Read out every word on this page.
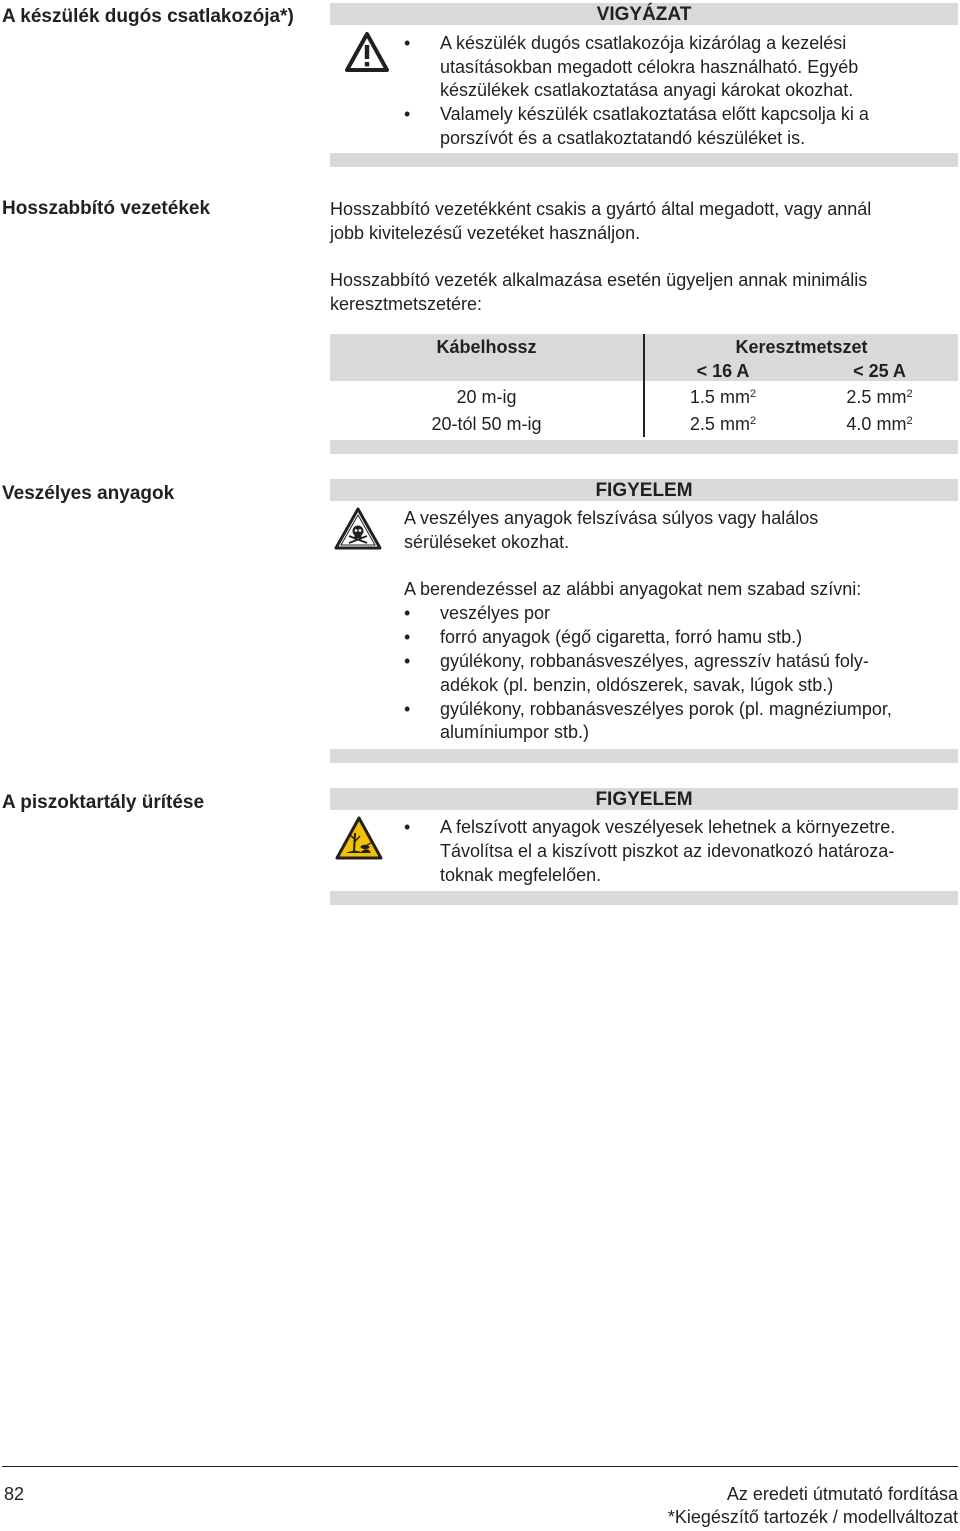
A készülék dugós csatlakozója*)	VIGYÁZAT
• A készülék dugós csatlakozója kizárólag a kezelési
utasításokban megadott célokra használható. Egyéb
készülékek csatlakoztatása anyagi károkat okozhat.
• Valamely készülék csatlakoztatása előtt kapcsolja ki a
porszívót és a csatlakoztatandó készüléket is.
Hosszabbító vezetékek	Hosszabbító vezetékként csakis a gyártó által megadott, vagy annál
jobb kivitelezésű vezetéket használjon.
Hosszabbító vezeték alkalmazása esetén ügyeljen annak minimális
keresztmetszetére:
Kábelhossz	Keresztmetszet
< 16 A	< 25 A
20 m-ig	1.5 $mm^2$	2.5 $mm^2$
20-tól 50 m-ig	2.5 $mm^2$	4.0 $mm^2$
Veszélyes anyagok	FIGYELEM
A veszélyes anyagok felszívása súlyos vagy halálos
sérüléseket okozhat.
A berendezéssel az alábbi anyagokat nem szabad szívni:
• veszélyes por
• forró anyagok (égő cigaretta, forró hamu stb.)
• gyúlékony, robbanásveszélyes, agresszív hatású foly-
adékok (pl. benzin, oldószerek, savak, lúgok stb.)
• gyúlékony, robbanásveszélyes porok (pl. magnéziumpor,
alumíniumpor stb.)
A piszoktartály ürítése	FIGYELEM
• A felszívott anyagok veszélyesek lehetnek a környezetre.
Távolítsa el a kiszívott piszkot az idevonatkozó határoza-
toknak megfelelően.
82	Az eredeti útmutató fordítása
*Kiegészítő tartozék / modellváltozat
